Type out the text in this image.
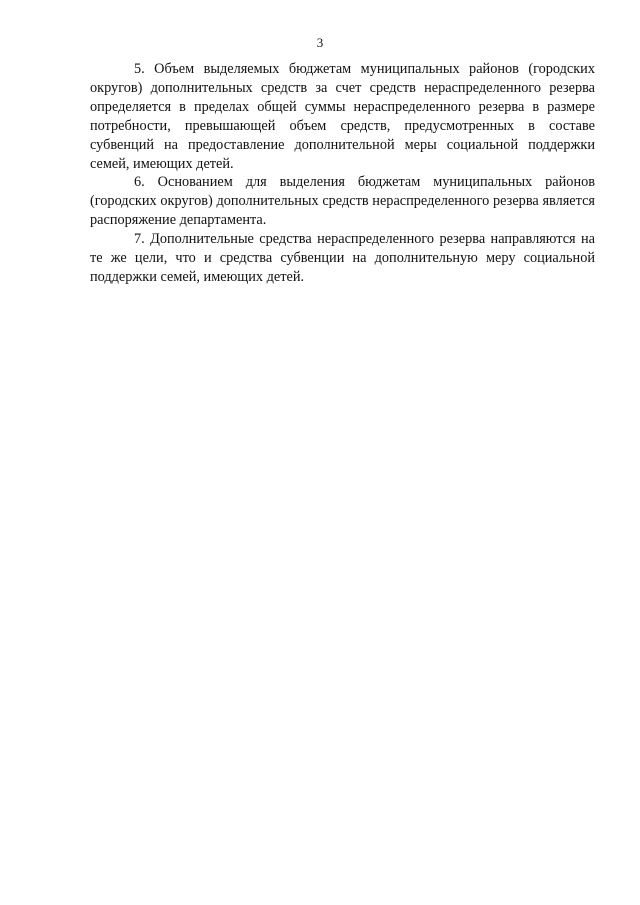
3

5. Объем выделяемых бюджетам муниципальных районов (городских округов) дополнительных средств за счет средств нераспределенного резерва определяется в пределах общей суммы нераспределенного резерва в размере потребности, превышающей объем средств, предусмотренных в составе субвенций на предоставление дополнительной меры социальной поддержки семей, имеющих детей.

6. Основанием для выделения бюджетам муниципальных районов (городских округов) дополнительных средств нераспределенного резерва является распоряжение департамента.

7. Дополнительные средства нераспределенного резерва направляются на те же цели, что и средства субвенции на дополнительную меру социальной поддержки семей, имеющих детей.
